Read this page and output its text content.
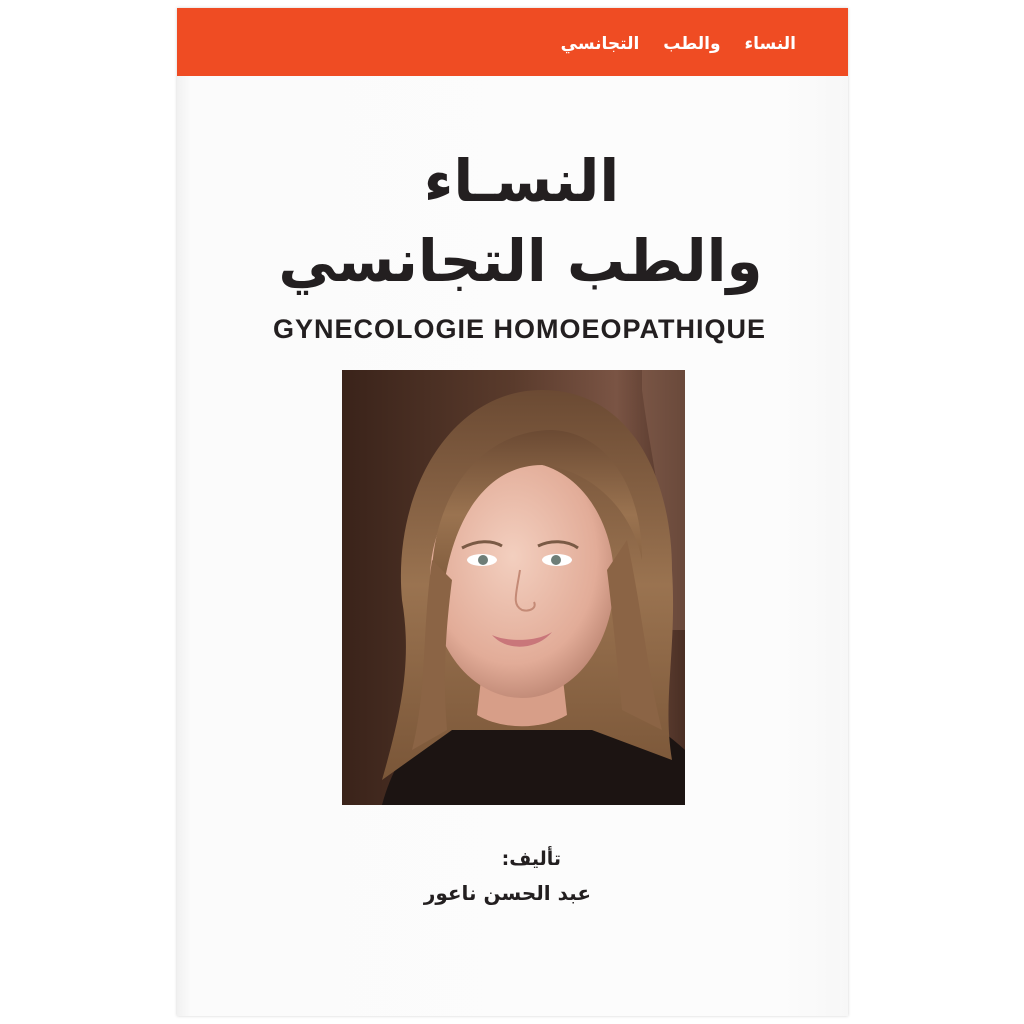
النساء والطب التجانسي
النسـاء
والطب التجانسي
GYNECOLOGIE HOMOEOPATHIQUE
تأليف:
عبد الحسن ناعور
